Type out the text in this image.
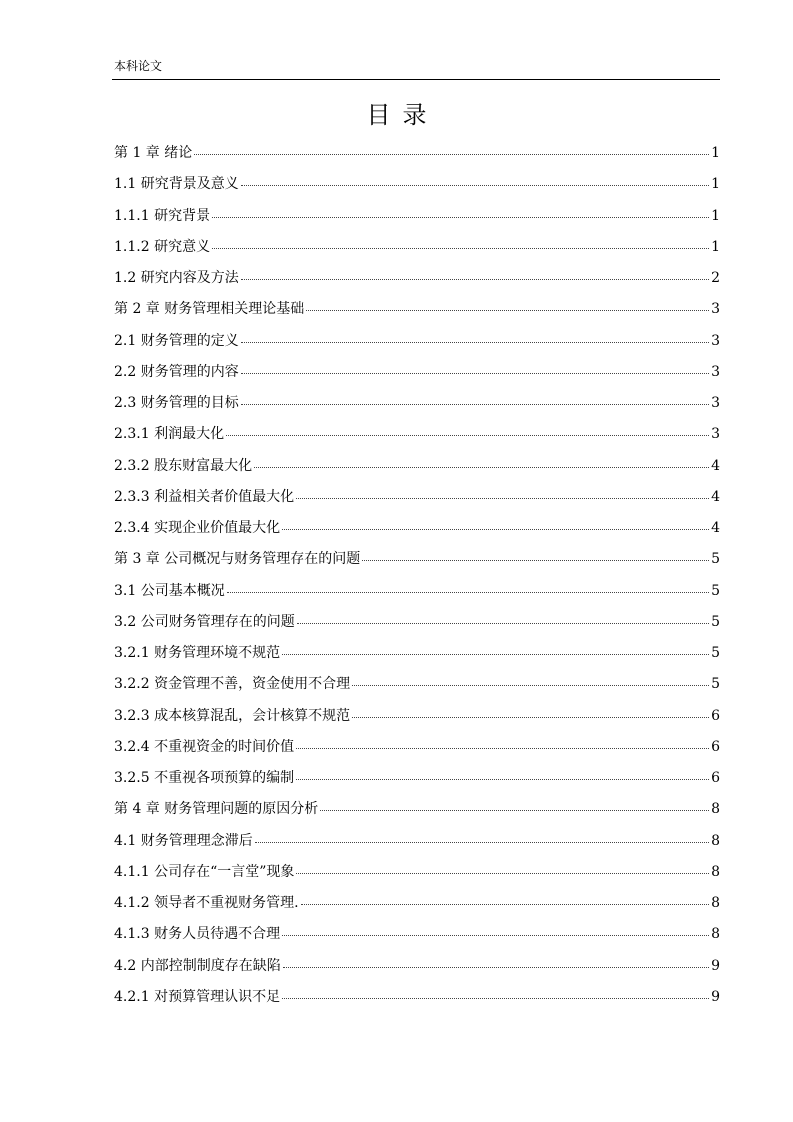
本科论文
目录
第 1 章 绪论	1
1.1 研究背景及意义	1
1.1.1 研究背景	1
1.1.2 研究意义	1
1.2 研究内容及方法	2
第 2 章 财务管理相关理论基础	3
2.1 财务管理的定义	3
2.2 财务管理的内容	3
2.3 财务管理的目标	3
2.3.1 利润最大化	3
2.3.2 股东财富最大化	4
2.3.3 利益相关者价值最大化	4
2.3.4 实现企业价值最大化	4
第 3 章 公司概况与财务管理存在的问题	5
3.1 公司基本概况	5
3.2 公司财务管理存在的问题	5
3.2.1 财务管理环境不规范	5
3.2.2 资金管理不善，资金使用不合理	5
3.2.3 成本核算混乱，会计核算不规范	6
3.2.4 不重视资金的时间价值	6
3.2.5 不重视各项预算的编制	6
第 4 章 财务管理问题的原因分析	8
4.1 财务管理理念滞后	8
4.1.1 公司存在“一言堂”现象	8
4.1.2 领导者不重视财务管理.	8
4.1.3 财务人员待遇不合理	8
4.2 内部控制制度存在缺陷	9
4.2.1 对预算管理认识不足	9
